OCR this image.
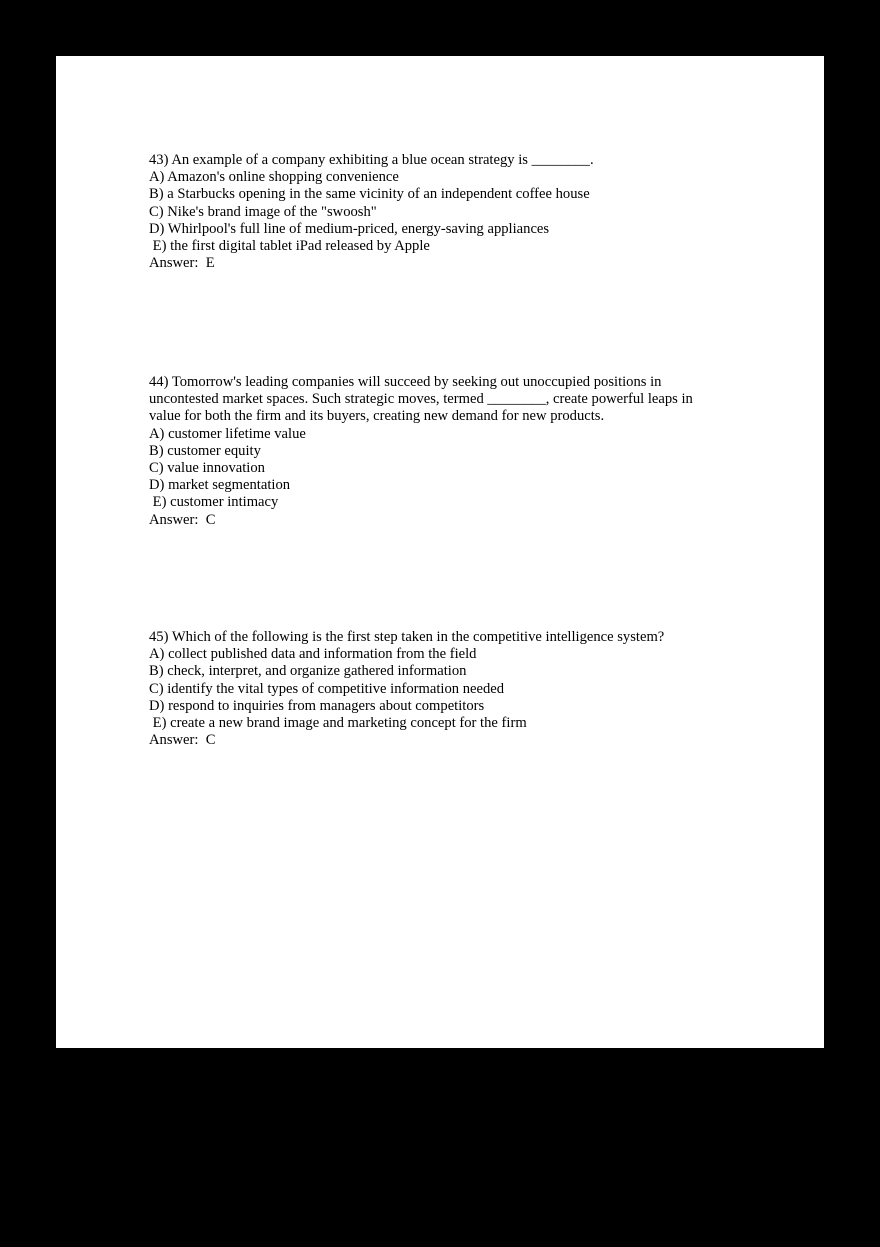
43) An example of a company exhibiting a blue ocean strategy is ________.

A) Amazon's online shopping convenience

B) a Starbucks opening in the same vicinity of an independent coffee house

C) Nike's brand image of the "swoosh"

D) Whirlpool's full line of medium-priced, energy-saving appliances

E) the first digital tablet iPad released by Apple

Answer: E

44) Tomorrow's leading companies will succeed by seeking out unoccupied positions in uncontested market spaces. Such strategic moves, termed ________, create powerful leaps in value for both the firm and its buyers, creating new demand for new products.

A) customer lifetime value

B) customer equity

C) value innovation

D) market segmentation

E) customer intimacy

Answer: C

45) Which of the following is the first step taken in the competitive intelligence system?

A) collect published data and information from the field

B) check, interpret, and organize gathered information

C) identify the vital types of competitive information needed

D) respond to inquiries from managers about competitors

E) create a new brand image and marketing concept for the firm

Answer: C
